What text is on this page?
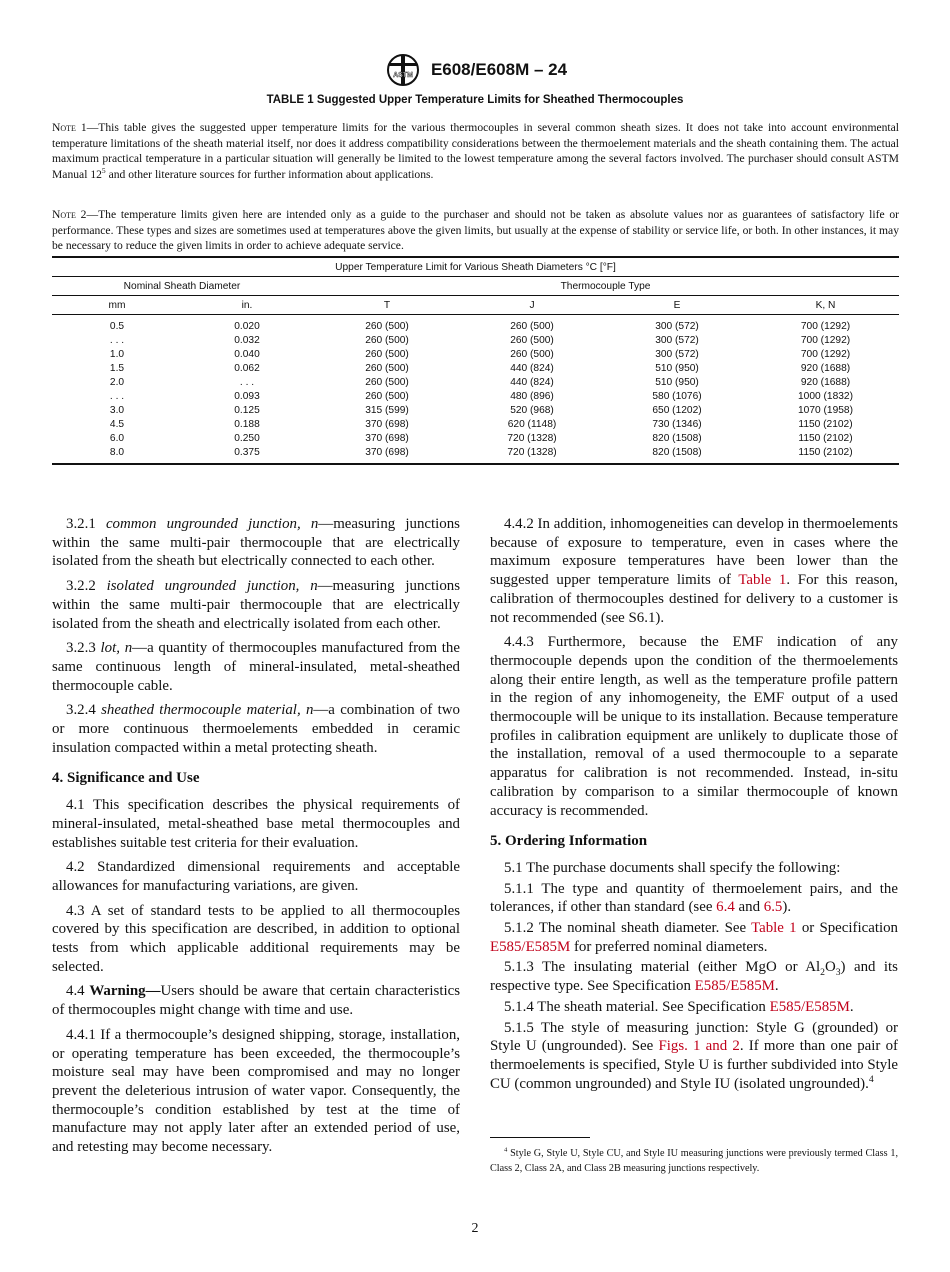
ASTM E608/E608M – 24
TABLE 1 Suggested Upper Temperature Limits for Sheathed Thermocouples
Note 1—This table gives the suggested upper temperature limits for the various thermocouples in several common sheath sizes. It does not take into account environmental temperature limitations of the sheath material itself, nor does it address compatibility considerations between the thermoelement materials and the sheath containing them. The actual maximum practical temperature in a particular situation will generally be limited to the lowest temperature among the several factors involved. The purchaser should consult ASTM Manual $12^5$ and other literature sources for further information about applications.
Note 2—The temperature limits given here are intended only as a guide to the purchaser and should not be taken as absolute values nor as guarantees of satisfactory life or performance. These types and sizes are sometimes used at temperatures above the given limits, but usually at the expense of stability or service life, or both. In other instances, it may be necessary to reduce the given limits in order to achieve adequate service.
Upper Temperature Limit for Various Sheath Diameters °C [°F]					
Nominal Sheath Diameter		Thermocouple Type			
mm	in.	T	J	E	K, N
0.5	0.020	260 (500)	260 (500)	300 (572)	700 (1292)
. . .	0.032	260 (500)	260 (500)	300 (572)	700 (1292)
1.0	0.040	260 (500)	260 (500)	300 (572)	700 (1292)
1.5	0.062	260 (500)	440 (824)	510 (950)	920 (1688)
2.0	. . .	260 (500)	440 (824)	510 (950)	920 (1688)
. . .	0.093	260 (500)	480 (896)	580 (1076)	1000 (1832)
3.0	0.125	315 (599)	520 (968)	650 (1202)	1070 (1958)
4.5	0.188	370 (698)	620 (1148)	730 (1346)	1150 (2102)
6.0	0.250	370 (698)	720 (1328)	820 (1508)	1150 (2102)
8.0	0.375	370 (698)	720 (1328)	820 (1508)	1150 (2102)

3.2.1 common ungrounded junction, n—measuring junctions within the same multi-pair thermocouple that are electrically isolated from the sheath but electrically connected to each other.

3.2.2 isolated ungrounded junction, n—measuring junctions within the same multi-pair thermocouple that are electrically isolated from the sheath and electrically isolated from each other.

3.2.3 lot, n—a quantity of thermocouples manufactured from the same continuous length of mineral-insulated, metal-sheathed thermocouple cable.

3.2.4 sheathed thermocouple material, n—a combination of two or more continuous thermoelements embedded in ceramic insulation compacted within a metal protecting sheath.

4. Significance and Use

4.1 This specification describes the physical requirements of mineral-insulated, metal-sheathed base metal thermocouples and establishes suitable test criteria for their evaluation.

4.2 Standardized dimensional requirements and acceptable allowances for manufacturing variations, are given.

4.3 A set of standard tests to be applied to all thermocouples covered by this specification are described, in addition to optional tests from which applicable additional requirements may be selected.

4.4 Warning—Users should be aware that certain characteristics of thermocouples might change with time and use.

4.4.1 If a thermocouple’s designed shipping, storage, installation, or operating temperature has been exceeded, the thermocouple’s moisture seal may have been compromised and may no longer prevent the deleterious intrusion of water vapor. Consequently, the thermocouple’s condition established by test at the time of manufacture may not apply later after an extended period of use, and retesting may become necessary.

4.4.2 In addition, inhomogeneities can develop in thermoelements because of exposure to temperature, even in cases where the maximum exposure temperatures have been lower than the suggested upper temperature limits of Table 1. For this reason, calibration of thermocouples destined for delivery to a customer is not recommended (see S6.1).

4.4.3 Furthermore, because the EMF indication of any thermocouple depends upon the condition of the thermoelements along their entire length, as well as the temperature profile pattern in the region of any inhomogeneity, the EMF output of a used thermocouple will be unique to its installation. Because temperature profiles in calibration equipment are unlikely to duplicate those of the installation, removal of a used thermocouple to a separate apparatus for calibration is not recommended. Instead, in-situ calibration by comparison to a similar thermocouple of known accuracy is recommended.

5. Ordering Information

5.1 The purchase documents shall specify the following:

5.1.1 The type and quantity of thermoelement pairs, and the tolerances, if other than standard (see 6.4 and 6.5).

5.1.2 The nominal sheath diameter. See Table 1 or Specification E585/E585M for preferred nominal diameters.

5.1.3 The insulating material (either MgO or $Al_2O_3$) and its respective type. See Specification E585/E585M.

5.1.4 The sheath material. See Specification E585/E585M.

5.1.5 The style of measuring junction: Style G (grounded) or Style U (ungrounded). See Figs. 1 and 2. If more than one pair of thermoelements is specified, Style U is further subdivided into Style CU (common ungrounded) and Style IU (isolated ungrounded).$^4$

$^4$ Style G, Style U, Style CU, and Style IU measuring junctions were previously termed Class 1, Class 2, Class 2A, and Class 2B measuring junctions respectively.
2
